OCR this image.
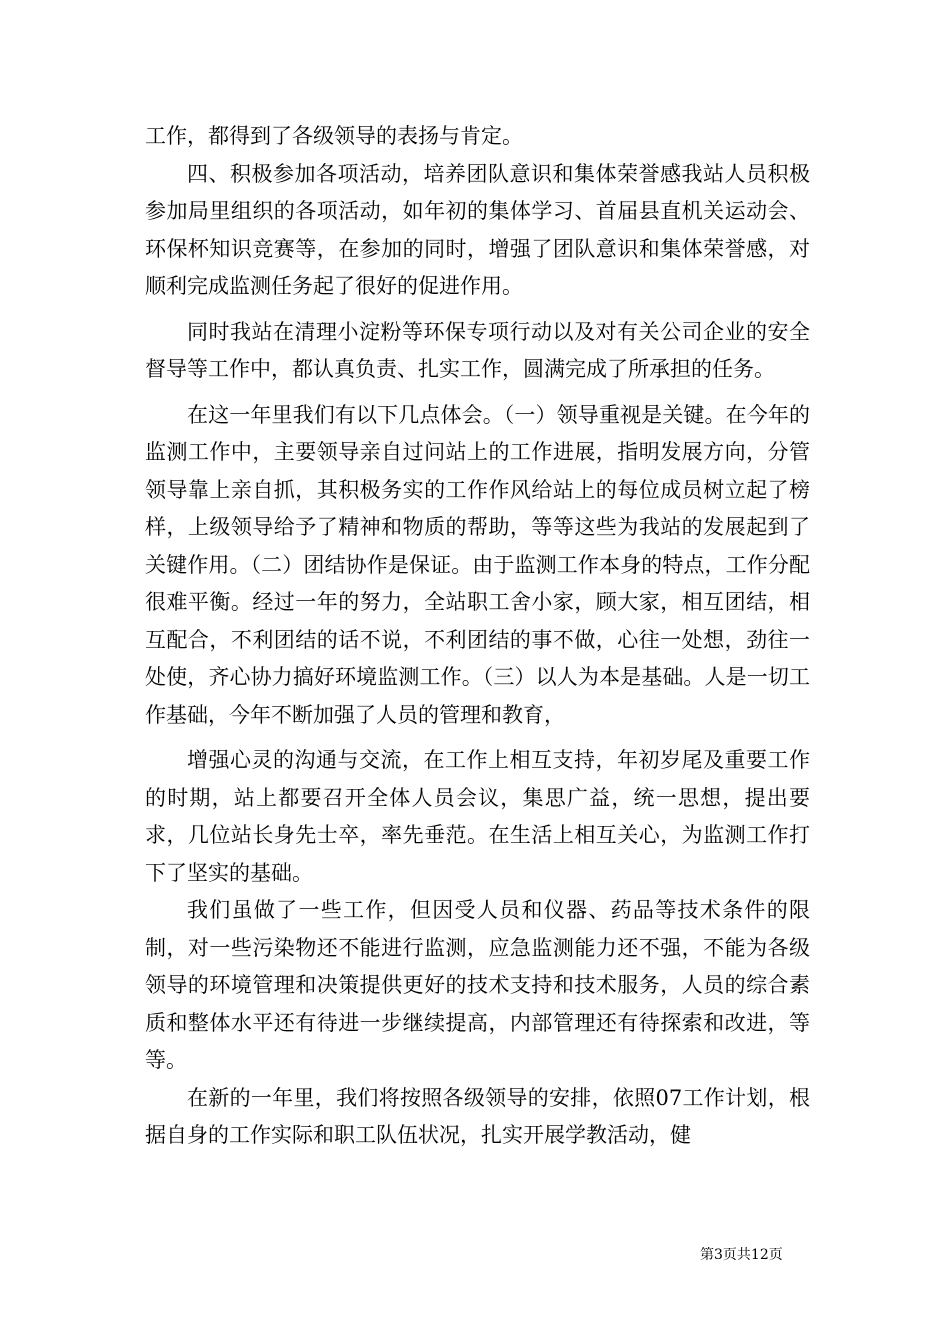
工作，都得到了各级领导的表扬与肯定。

四、积极参加各项活动，培养团队意识和集体荣誉感我站人员积极参加局里组织的各项活动，如年初的集体学习、首届县直机关运动会、环保杯知识竞赛等，在参加的同时，增强了团队意识和集体荣誉感，对顺利完成监测任务起了很好的促进作用。

同时我站在清理小淀粉等环保专项行动以及对有关公司企业的安全督导等工作中，都认真负责、扎实工作，圆满完成了所承担的任务。

在这一年里我们有以下几点体会。（一）领导重视是关键。在今年的监测工作中，主要领导亲自过问站上的工作进展，指明发展方向，分管领导靠上亲自抓，其积极务实的工作作风给站上的每位成员树立起了榜样，上级领导给予了精神和物质的帮助，等等这些为我站的发展起到了关键作用。（二）团结协作是保证。由于监测工作本身的特点，工作分配很难平衡。经过一年的努力，全站职工舍小家，顾大家，相互团结，相互配合，不利团结的话不说，不利团结的事不做，心往一处想，劲往一处使，齐心协力搞好环境监测工作。（三）以人为本是基础。人是一切工作基础，今年不断加强了人员的管理和教育，

增强心灵的沟通与交流，在工作上相互支持，年初岁尾及重要工作的时期，站上都要召开全体人员会议，集思广益，统一思想，提出要求，几位站长身先士卒，率先垂范。在生活上相互关心，为监测工作打下了坚实的基础。

我们虽做了一些工作，但因受人员和仪器、药品等技术条件的限制，对一些污染物还不能进行监测，应急监测能力还不强，不能为各级领导的环境管理和决策提供更好的技术支持和技术服务，人员的综合素质和整体水平还有待进一步继续提高，内部管理还有待探索和改进，等等。

在新的一年里，我们将按照各级领导的安排，依照07工作计划，根据自身的工作实际和职工队伍状况，扎实开展学教活动，健

第3页共12页
